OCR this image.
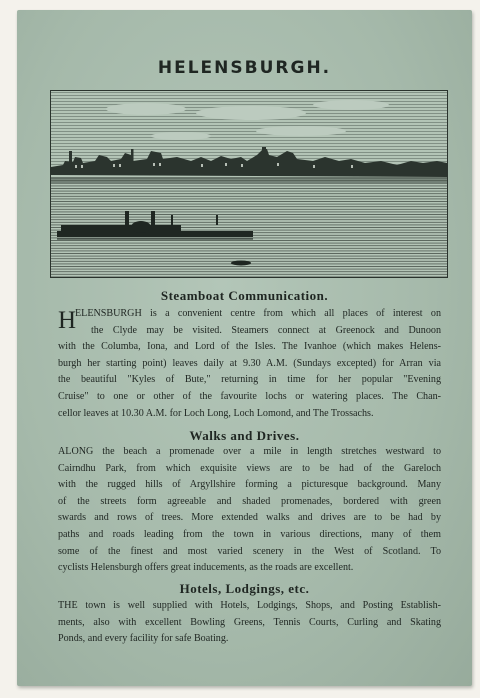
HELENSBURGH.
Steamboat Communication.
H
ELENSBURGH is a convenient centre from which all places of interest on
the Clyde may be visited. Steamers connect at Greenock and Dunoon
with the Columba, Iona, and Lord of the Isles. The Ivanhoe (which makes Helens-
burgh her starting point) leaves daily at 9.30 A.M. (Sundays excepted) for Arran via
the beautiful "Kyles of Bute," returning in time for her popular "Evening
Cruise" to one or other of the favourite lochs or watering places. The Chan-
cellor leaves at 10.30 A.M. for Loch Long, Loch Lomond, and The Trossachs.
Walks and Drives.
ALONG the beach a promenade over a mile in length stretches westward to
Cairndhu Park, from which exquisite views are to be had of the Gareloch
with the rugged hills of Argyllshire forming a picturesque background. Many
of the streets form agreeable and shaded promenades, bordered with green
swards and rows of trees. More extended walks and drives are to be had by
paths and roads leading from the town in various directions, many of them
some of the finest and most varied scenery in the West of Scotland. To
cyclists Helensburgh offers great inducements, as the roads are excellent.
Hotels, Lodgings, etc.
THE town is well supplied with Hotels, Lodgings, Shops, and Posting Establish-
ments, also with excellent Bowling Greens, Tennis Courts, Curling and Skating
Ponds, and every facility for safe Boating.
